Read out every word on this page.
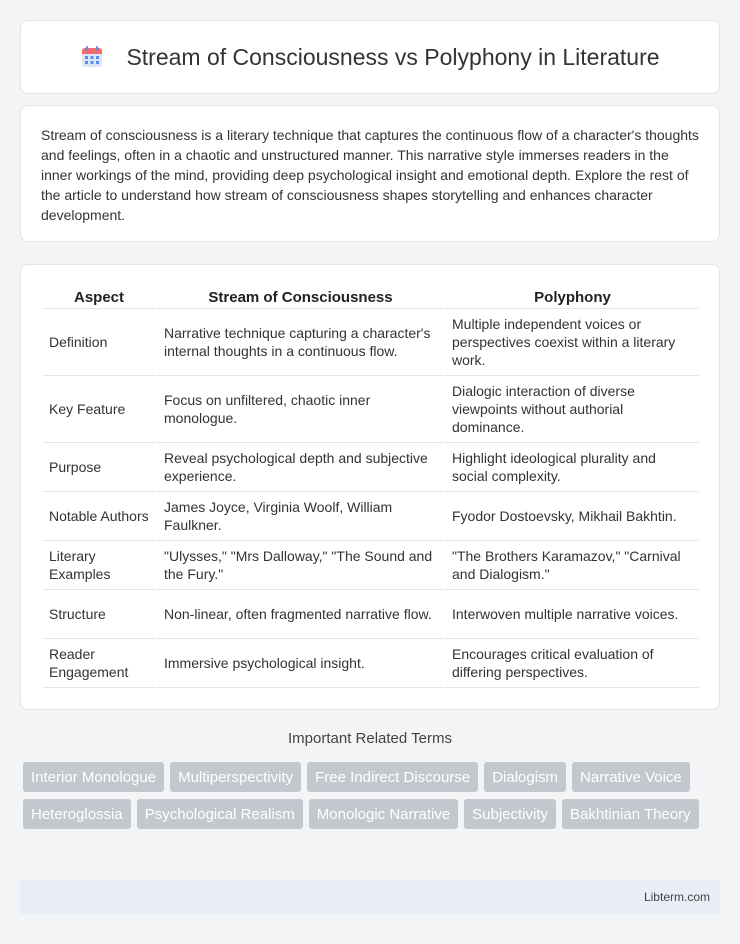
Stream of Consciousness vs Polyphony in Literature

Stream of consciousness is a literary technique that captures the continuous flow of a character's thoughts and feelings, often in a chaotic and unstructured manner. This narrative style immerses readers in the inner workings of the mind, providing deep psychological insight and emotional depth. Explore the rest of the article to understand how stream of consciousness shapes storytelling and enhances character development.

Aspect	Stream of Consciousness	Polyphony
Definition	Narrative technique capturing a character's internal thoughts in a continuous flow.	Multiple independent voices or perspectives coexist within a literary work.
Key Feature	Focus on unfiltered, chaotic inner monologue.	Dialogic interaction of diverse viewpoints without authorial dominance.
Purpose	Reveal psychological depth and subjective experience.	Highlight ideological plurality and social complexity.
Notable Authors	James Joyce, Virginia Woolf, William Faulkner.	Fyodor Dostoevsky, Mikhail Bakhtin.
Literary Examples	"Ulysses," "Mrs Dalloway," "The Sound and the Fury."	"The Brothers Karamazov," "Carnival and Dialogism."
Structure	Non-linear, often fragmented narrative flow.	Interwoven multiple narrative voices.
Reader Engagement	Immersive psychological insight.	Encourages critical evaluation of differing perspectives.
Important Related Terms
Interior Monologue	Multiperspectivity	Free Indirect Discourse	Dialogism	Narrative Voice
Heteroglossia	Psychological Realism	Monologic Narrative	Subjectivity	Bakhtinian Theory
Libterm.com
